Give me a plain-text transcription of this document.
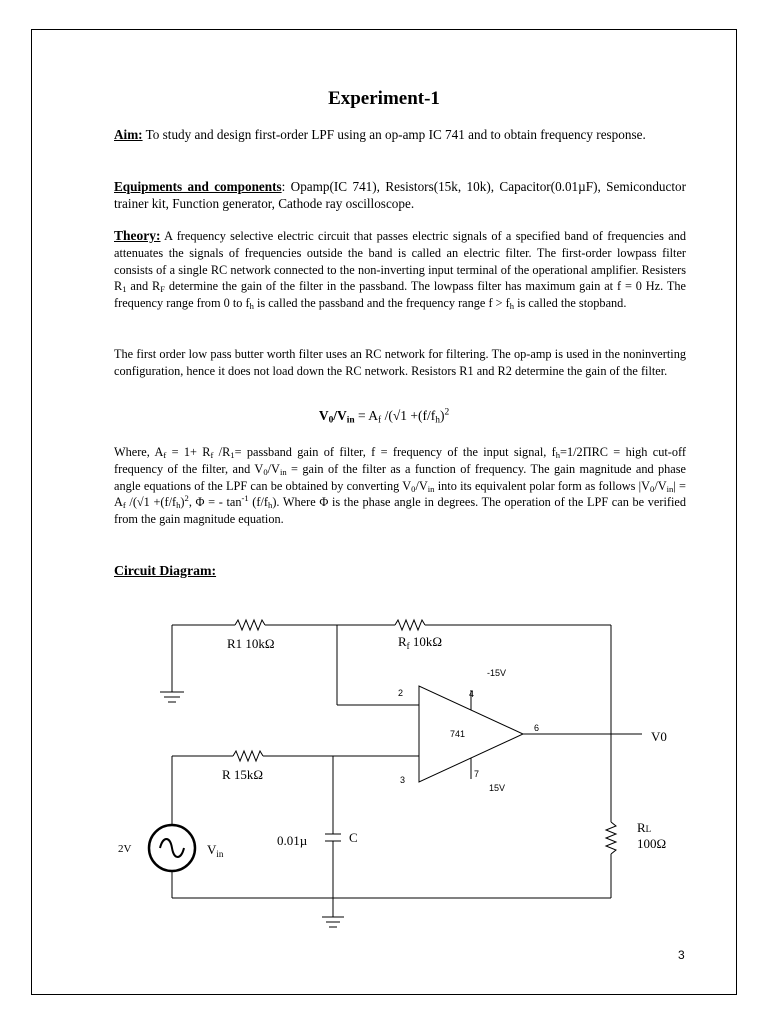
Experiment-1

Aim: To study and design first-order LPF using an op-amp IC 741 and to obtain frequency response.

Equipments and components: Opamp(IC 741), Resistors(15k, 10k), Capacitor(0.01µF), Semiconductor trainer kit, Function generator, Cathode ray oscilloscope.

Theory: A frequency selective electric circuit that passes electric signals of a specified band of frequencies and attenuates the signals of frequencies outside the band is called an electric filter. The first-order lowpass filter consists of a single RC network connected to the non-inverting input terminal of the operational amplifier. Resisters $R_1$ and $R_F$ determine the gain of the filter in the passband. The lowpass filter has maximum gain at f = 0 Hz. The frequency range from 0 to $f_h$ is called the passband and the frequency range $f > f_h$ is called the stopband.

The first order low pass butter worth filter uses an RC network for filtering. The op-amp is used in the noninverting configuration, hence it does not load down the RC network. Resistors R1 and R2 determine the gain of the filter.

$V_0/V_{in} = A_f$ $/(√1 +(f/f_h)^2$

Where, $A_f = 1+ R_f$ $/R_1=$ passband gain of filter, f = frequency of the input signal, $f_h=1/2\Pi RC$ = high cut-off frequency of the filter, and $V_0/V_{in}$ = gain of the filter as a function of frequency. The gain magnitude and phase angle equations of the LPF can be obtained by converting $V_0/V_{in}$ into its equivalent polar form as follows $|V_0/V_{in}| = A_f$ $/(√1 +(f/f_h)^2$, Φ = - $\tan^{-1} (f/f_h)$. Where Φ is the phase angle in degrees. The operation of the LPF can be verified from the gain magnitude equation.

Circuit Diagram:
R1 10kΩ	$R_f$ 10kΩ
-15V
2	4
741
6
V0
R 15kΩ	3
7
15V
RL
100Ω
0.01µ	C
2V	$V_{in}$
3
